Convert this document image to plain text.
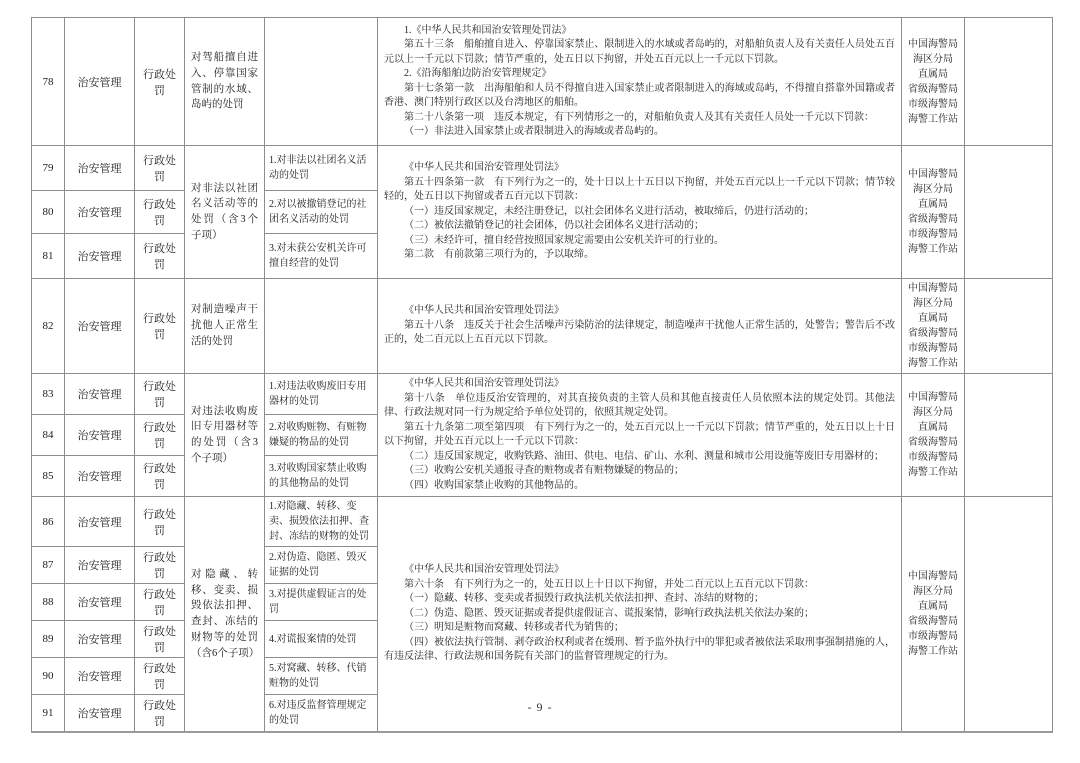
78	治安管理	行政处罚	对驾船擅自进入、停靠国家管制的水域、岛屿的处罚		

1.《中华人民共和国治安管理处罚法》

第五十三条　船舶擅自进入、停靠国家禁止、限制进入的水域或者岛屿的，对船舶负责人及有关责任人员处五百元以上一千元以下罚款；情节严重的，处五日以下拘留，并处五百元以上一千元以下罚款。

2.《沿海船舶边防治安管理规定》

第十七条第一款　出海船舶和人员不得擅自进入国家禁止或者限制进入的海域或岛屿，不得擅自搭靠外国籍或者香港、澳门特别行政区以及台湾地区的船舶。

第二十八条第一项　违反本规定，有下列情形之一的，对船舶负责人及其有关责任人员处一千元以下罚款：

（一）非法进入国家禁止或者限制进入的海域或者岛屿的。

中国海警局
海区分局
直属局
省级海警局
市级海警局
海警工作站

79	治安管理	行政处罚	对非法以社团名义活动等的处罚（含3个子项）	1.对非法以社团名义活动的处罚	

《中华人民共和国治安管理处罚法》

第五十四条第一款　有下列行为之一的，处十日以上十五日以下拘留，并处五百元以上一千元以下罚款；情节较轻的，处五日以下拘留或者五百元以下罚款：

（一）违反国家规定，未经注册登记，以社会团体名义进行活动，被取缔后，仍进行活动的；

（二）被依法撤销登记的社会团体，仍以社会团体名义进行活动的；

（三）未经许可，擅自经营按照国家规定需要由公安机关许可的行业的。

第二款　有前款第三项行为的，予以取缔。

中国海警局
海区分局
直属局
省级海警局
市级海警局
海警工作站

80	治安管理	行政处罚		2.对以被撤销登记的社团名义活动的处罚			
81	治安管理	行政处罚		3.对未获公安机关许可擅自经营的处罚			
82	治安管理	行政处罚	对制造噪声干扰他人正常生活的处罚		

《中华人民共和国治安管理处罚法》

第五十八条　违反关于社会生活噪声污染防治的法律规定，制造噪声干扰他人正常生活的，处警告；警告后不改正的，处二百元以上五百元以下罚款。

中国海警局
海区分局
直属局
省级海警局
市级海警局
海警工作站

83	治安管理	行政处罚	对违法收购废旧专用器材等的处罚（含3个子项）	1.对违法收购废旧专用器材的处罚	

《中华人民共和国治安管理处罚法》

第十八条　单位违反治安管理的，对其直接负责的主管人员和其他直接责任人员依照本法的规定处罚。其他法律、行政法规对同一行为规定给予单位处罚的，依照其规定处罚。

第五十九条第二项至第四项　有下列行为之一的，处五百元以上一千元以下罚款；情节严重的，处五日以上十日以下拘留，并处五百元以上一千元以下罚款：

（二）违反国家规定，收购铁路、油田、供电、电信、矿山、水利、测量和城市公用设施等废旧专用器材的；

（三）收购公安机关通报寻查的赃物或者有赃物嫌疑的物品的；

（四）收购国家禁止收购的其他物品的。

中国海警局
海区分局
直属局
省级海警局
市级海警局
海警工作站

84	治安管理	行政处罚		2.对收购赃物、有赃物嫌疑的物品的处罚			
85	治安管理	行政处罚		3.对收购国家禁止收购的其他物品的处罚			
86	治安管理	行政处罚	对隐藏、转移、变卖、损毁依法扣押、查封、冻结的财物等的处罚（含6个子项）	1.对隐藏、转移、变卖、损毁依法扣押、查封、冻结的财物的处罚	

《中华人民共和国治安管理处罚法》

第六十条　有下列行为之一的，处五日以上十日以下拘留，并处二百元以上五百元以下罚款：

（一）隐藏、转移、变卖或者损毁行政执法机关依法扣押、查封、冻结的财物的；

（二）伪造、隐匿、毁灭证据或者提供虚假证言、谎报案情，影响行政执法机关依法办案的；

（三）明知是赃物而窝藏、转移或者代为销售的；

（四）被依法执行管制、剥夺政治权利或者在缓刑、暂予监外执行中的罪犯或者被依法采取刑事强制措施的人，有违反法律、行政法规和国务院有关部门的监督管理规定的行为。

中国海警局
海区分局
直属局
省级海警局
市级海警局
海警工作站

87	治安管理	行政处罚		2.对伪造、隐匿、毁灭证据的处罚			
88	治安管理	行政处罚		3.对提供虚假证言的处罚			
89	治安管理	行政处罚		4.对谎报案情的处罚			
90	治安管理	行政处罚		5.对窝藏、转移、代销赃物的处罚			
91	治安管理	行政处罚		6.对违反监督管理规定的处罚			
- 9 -
